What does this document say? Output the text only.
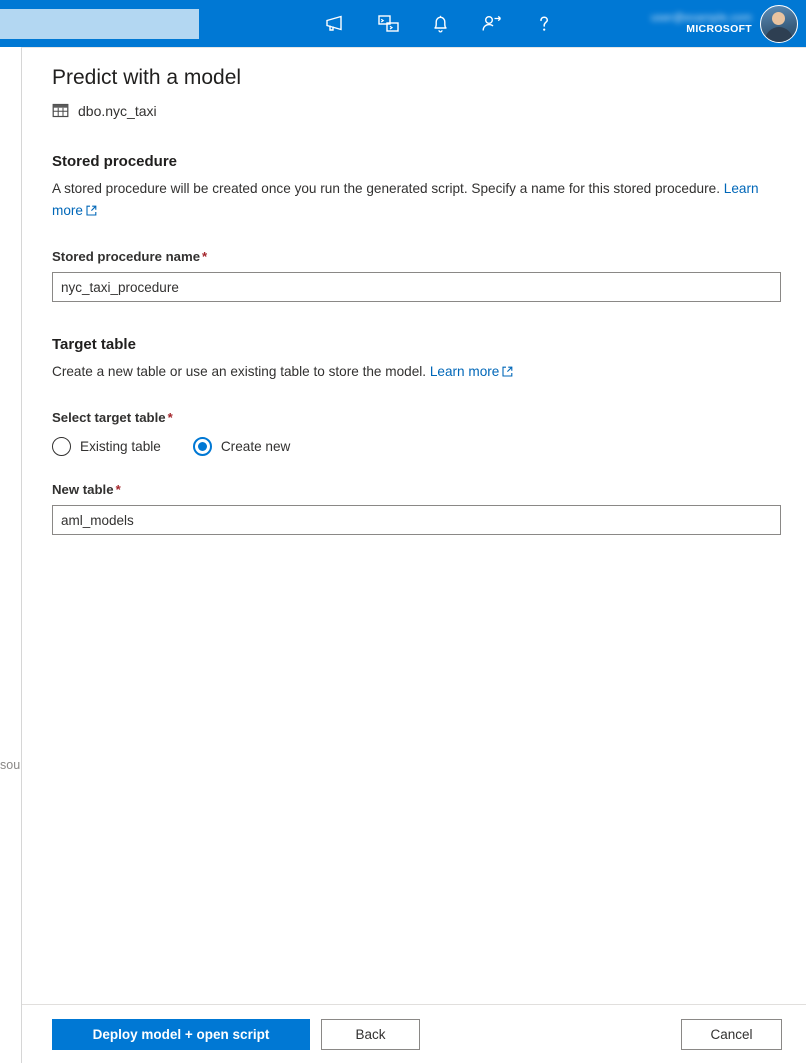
user@example.com
MICROSOFT
sou
Predict with a model
dbo.nyc_taxi
Stored procedure

A stored procedure will be created once you run the generated script. Specify a name for this stored procedure. Learn more

Stored procedure name *
nyc_taxi_procedure
Target table

Create a new table or use an existing table to store the model. Learn more

Select target table *
Existing table	Create new
New table *
aml_models
Deploy model + open script	Back	Cancel
